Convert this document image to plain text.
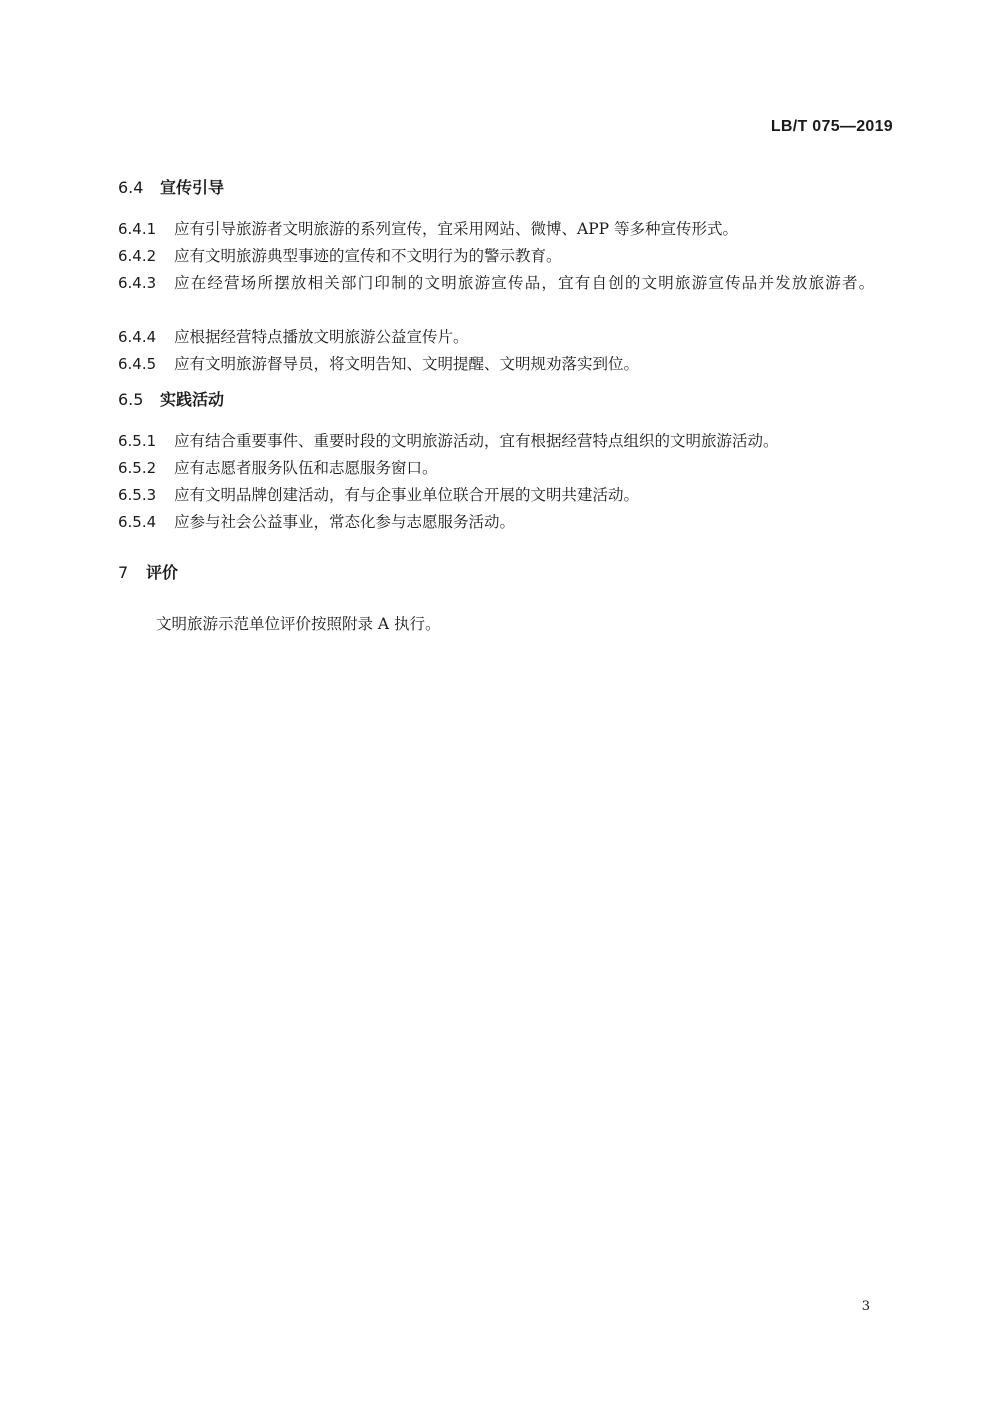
LB/T 075—2019
6.4 宣传引导
6.4.1 应有引导旅游者文明旅游的系列宣传，宜采用网站、微博、APP 等多种宣传形式。
6.4.2 应有文明旅游典型事迹的宣传和不文明行为的警示教育。
6.4.3 应在经营场所摆放相关部门印制的文明旅游宣传品，宜有自创的文明旅游宣传品并发放旅游者。
6.4.4 应根据经营特点播放文明旅游公益宣传片。
6.4.5 应有文明旅游督导员，将文明告知、文明提醒、文明规劝落实到位。
6.5 实践活动
6.5.1 应有结合重要事件、重要时段的文明旅游活动，宜有根据经营特点组织的文明旅游活动。
6.5.2 应有志愿者服务队伍和志愿服务窗口。
6.5.3 应有文明品牌创建活动，有与企事业单位联合开展的文明共建活动。
6.5.4 应参与社会公益事业，常态化参与志愿服务活动。
7 评价
文明旅游示范单位评价按照附录 A 执行。
3
